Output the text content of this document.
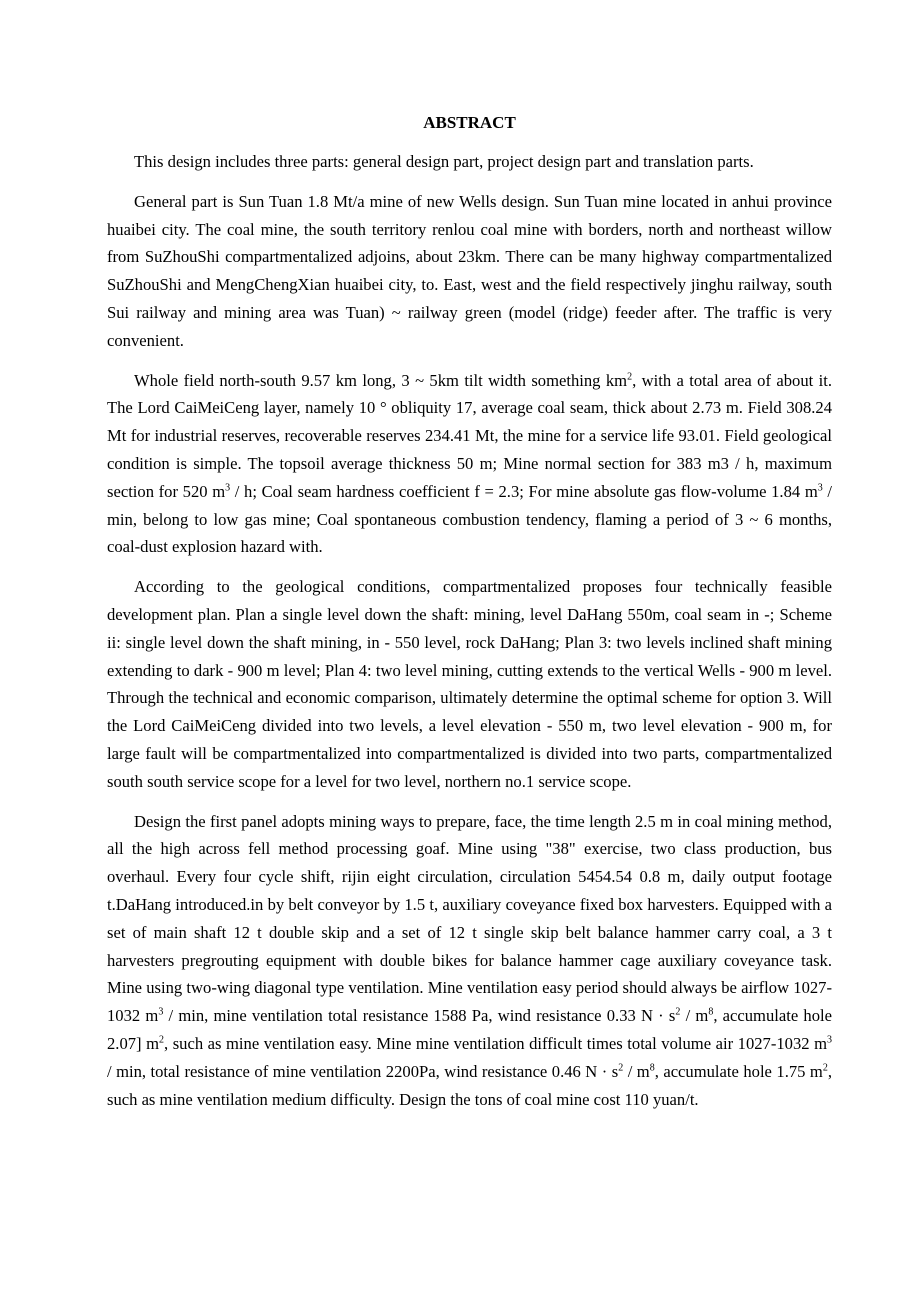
ABSTRACT

This design includes three parts: general design part, project design part and translation parts.

General part is Sun Tuan 1.8 Mt/a mine of new Wells design. Sun Tuan mine located in anhui province huaibei city. The coal mine, the south territory renlou coal mine with borders, north and northeast willow from SuZhouShi compartmentalized adjoins, about 23km. There can be many highway compartmentalized SuZhouShi and MengChengXian huaibei city, to. East, west and the field respectively jinghu railway, south Sui railway and mining area was Tuan) ~ railway green (model (ridge) feeder after. The traffic is very convenient.

Whole field north-south 9.57 km long, 3 ~ 5km tilt width something $km^2$, with a total area of about it. The Lord CaiMeiCeng layer, namely 10 ° obliquity 17, average coal seam, thick about 2.73 m. Field 308.24 Mt for industrial reserves, recoverable reserves 234.41 Mt, the mine for a service life 93.01. Field geological condition is simple. The topsoil average thickness 50 m; Mine normal section for 383 m3 / h, maximum section for 520 $m^3$ / h; Coal seam hardness coefficient f = 2.3; For mine absolute gas flow-volume 1.84 $m^3$ / min, belong to low gas mine; Coal spontaneous combustion tendency, flaming a period of 3 ~ 6 months, coal-dust explosion hazard with.

According to the geological conditions, compartmentalized proposes four technically feasible development plan. Plan a single level down the shaft: mining, level DaHang 550m, coal seam in -; Scheme ii: single level down the shaft mining, in - 550 level, rock DaHang; Plan 3: two levels inclined shaft mining extending to dark - 900 m level; Plan 4: two level mining, cutting extends to the vertical Wells - 900 m level. Through the technical and economic comparison, ultimately determine the optimal scheme for option 3. Will the Lord CaiMeiCeng divided into two levels, a level elevation - 550 m, two level elevation - 900 m, for large fault will be compartmentalized into compartmentalized is divided into two parts, compartmentalized south south service scope for a level for two level, northern no.1 service scope.

Design the first panel adopts mining ways to prepare, face, the time length 2.5 m in coal mining method, all the high across fell method processing goaf. Mine using "38" exercise, two class production, bus overhaul. Every four cycle shift, rijin eight circulation, circulation 5454.54 0.8 m, daily output footage t.DaHang introduced.in by belt conveyor by 1.5 t, auxiliary coveyance fixed box harvesters. Equipped with a set of main shaft 12 t double skip and a set of 12 t single skip belt balance hammer carry coal, a 3 t harvesters pregrouting equipment with double bikes for balance hammer cage auxiliary coveyance task. Mine using two-wing diagonal type ventilation. Mine ventilation easy period should always be airflow 1027-1032 $m^3$ / min, mine ventilation total resistance 1588 Pa, wind resistance 0.33 $N \cdot s^2 / m^8$, accumulate hole 2.07] $m^2$, such as mine ventilation easy. Mine mine ventilation difficult times total volume air 1027-1032 $m^3$ / min, total resistance of mine ventilation 2200Pa, wind resistance 0.46 $N \cdot s^2 / m^8$, accumulate hole 1.75 $m^2$, such as mine ventilation medium difficulty. Design the tons of coal mine cost 110 yuan/t.
